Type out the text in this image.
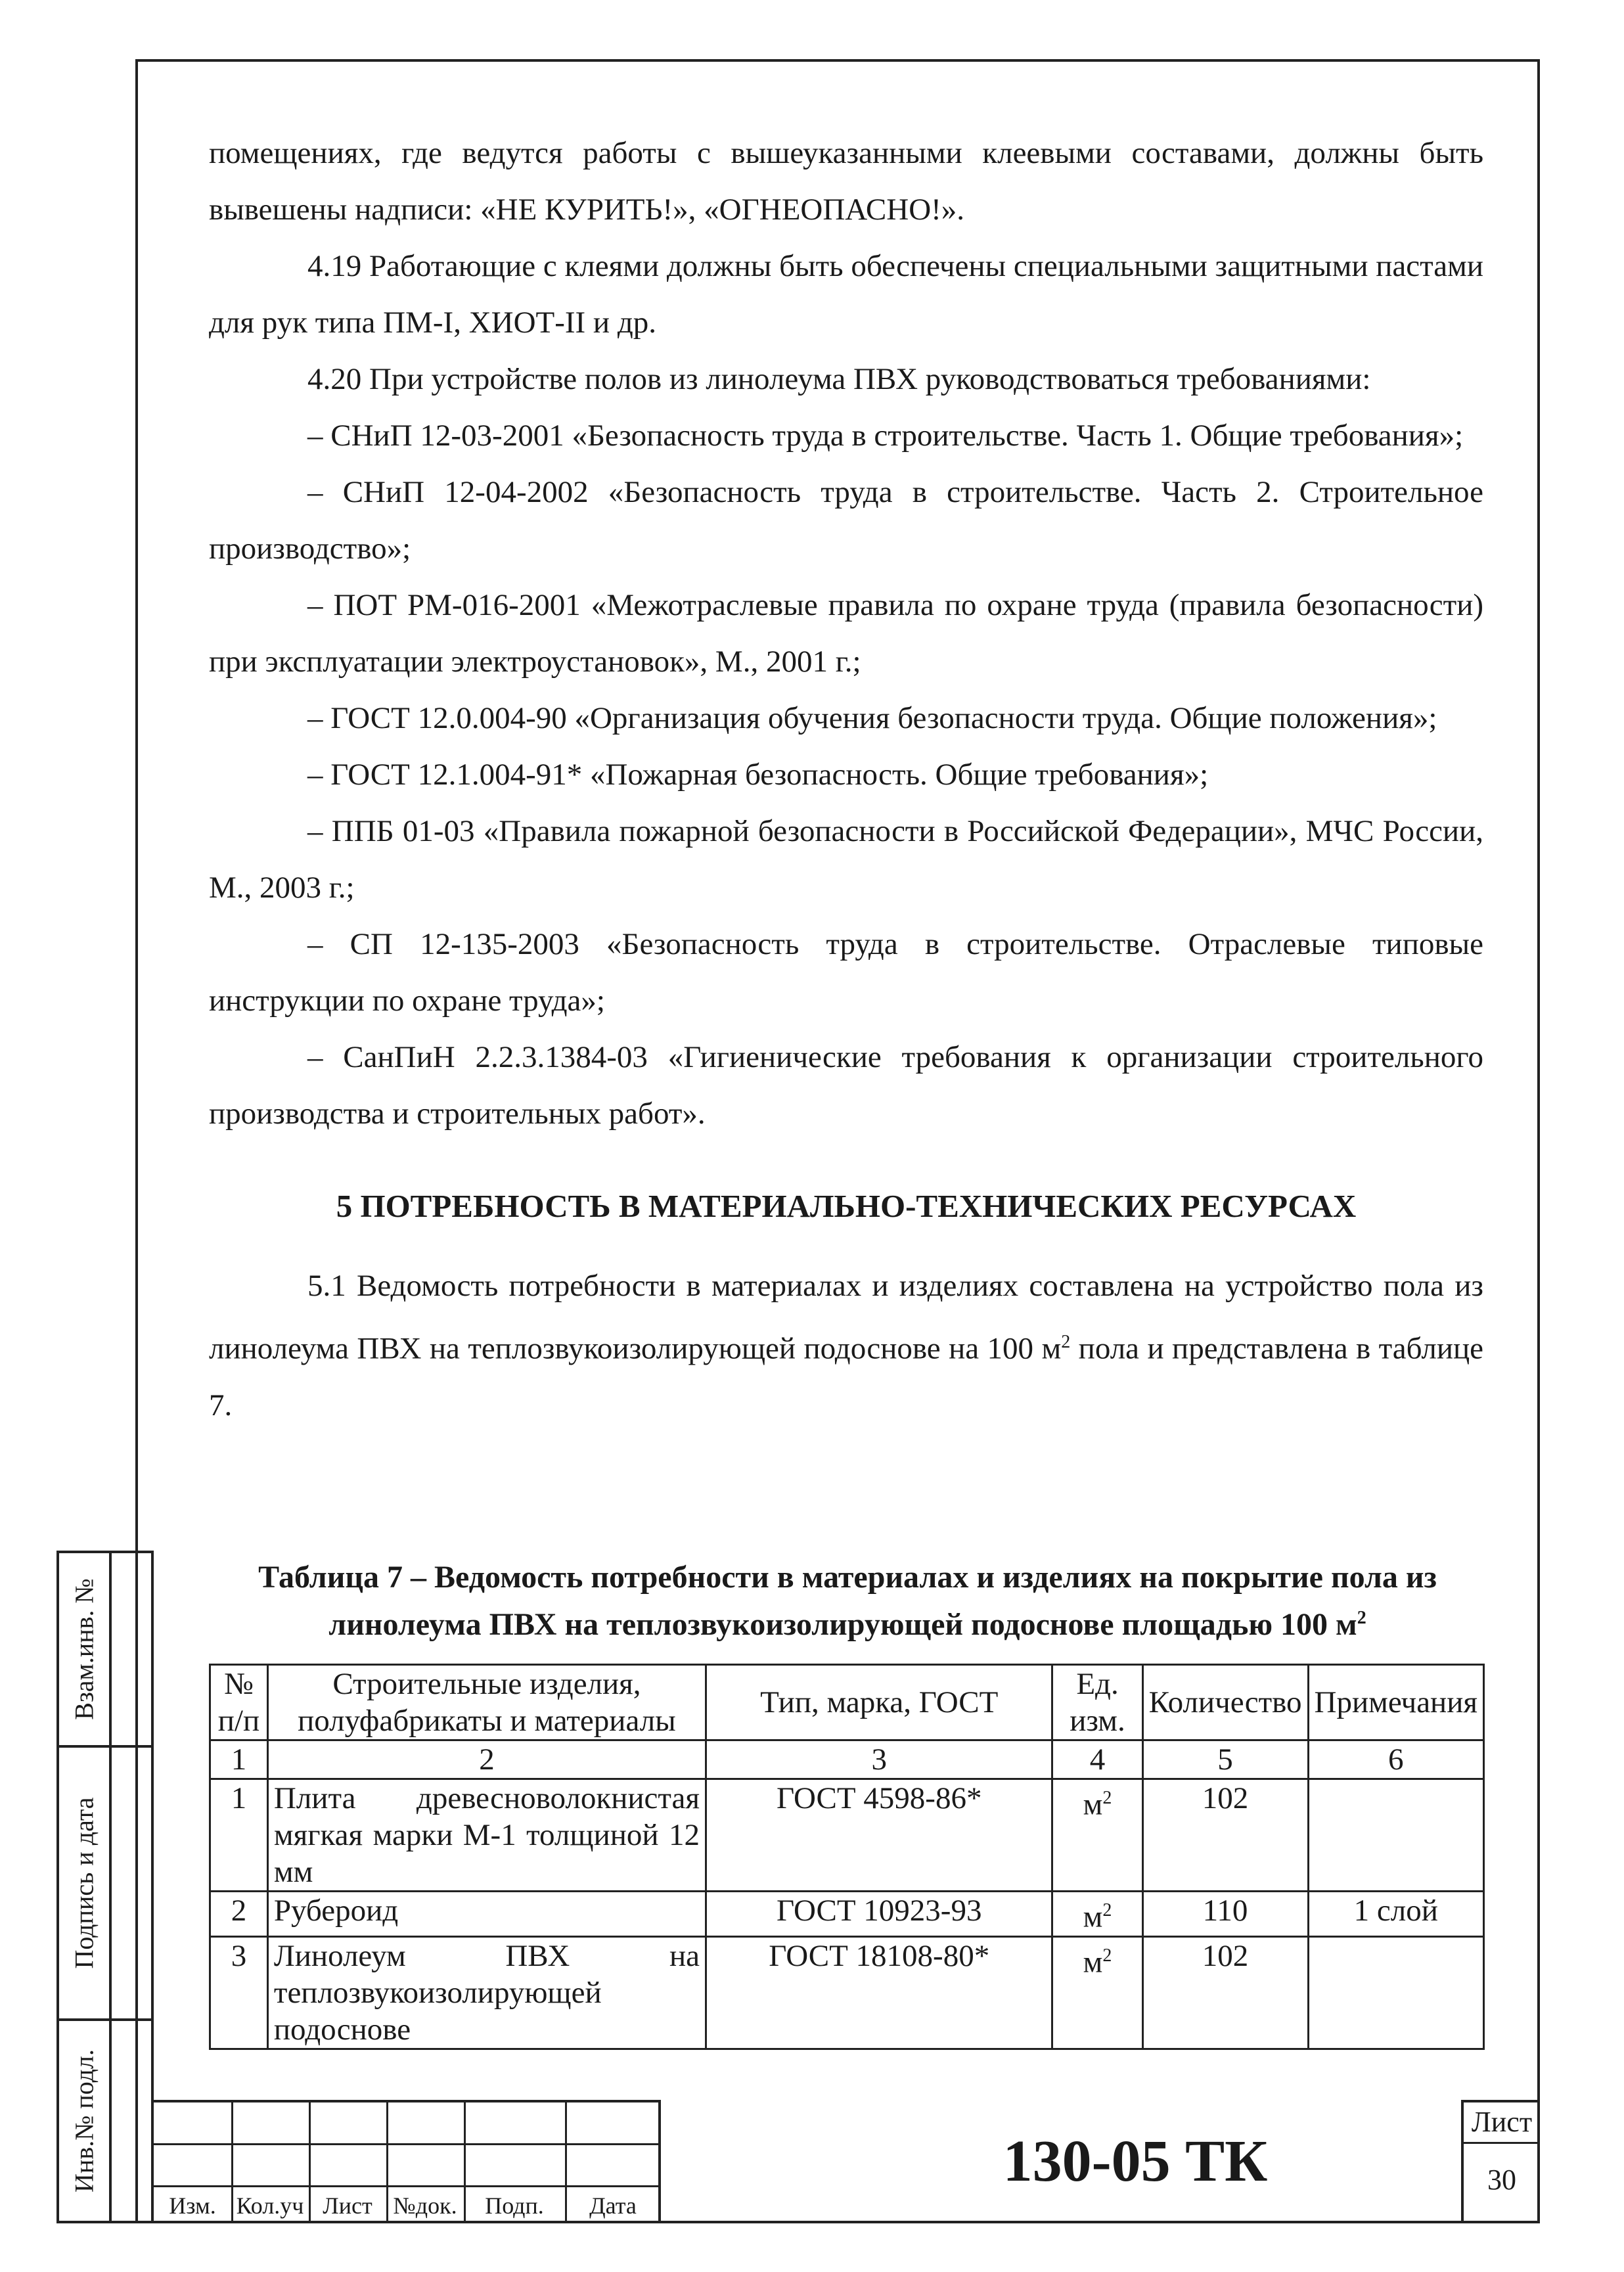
помещениях, где ведутся работы с вышеуказанными клеевыми составами, должны быть вывешены надписи: «НЕ КУРИТЬ!», «ОГНЕОПАСНО!».

4.19 Работающие с клеями должны быть обеспечены специальными защитными пастами для рук типа ПМ-I, ХИОТ-II и др.

4.20 При устройстве полов из линолеума ПВХ руководствоваться требованиями:

– СНиП 12-03-2001 «Безопасность труда в строительстве. Часть 1. Общие требования»;

– СНиП 12-04-2002 «Безопасность труда в строительстве. Часть 2. Строительное производство»;

– ПОТ РМ-016-2001 «Межотраслевые правила по охране труда (правила безопасности) при эксплуатации электроустановок», М., 2001 г.;

– ГОСТ 12.0.004-90 «Организация обучения безопасности труда. Общие положения»;

– ГОСТ 12.1.004-91* «Пожарная безопасность. Общие требования»;

– ППБ 01-03 «Правила пожарной безопасности в Российской Федерации», МЧС России, М., 2003 г.;

– СП 12-135-2003 «Безопасность труда в строительстве. Отраслевые типовые инструкции по охране труда»;

– СанПиН 2.2.3.1384-03 «Гигиенические требования к организации строительного производства и строительных работ».

5 ПОТРЕБНОСТЬ В МАТЕРИАЛЬНО-ТЕХНИЧЕСКИХ РЕСУРСАХ

5.1 Ведомость потребности в материалах и изделиях составлена на устройство пола из линолеума ПВХ на теплозвукоизолирующей подоснове на 100 $м^2$ пола и представлена в таблице 7.

Таблица 7 – Ведомость потребности в материалах и изделиях на покрытие пола из линолеума ПВХ на теплозвукоизолирующей подоснове площадью 100 $м^2$
№ п/п	Строительные изделия, полуфабрикаты и материалы	Тип, марка, ГОСТ	Ед. изм.	Количество	Примечания
1	2	3	4	5	6
1	Плита древесноволокнистая мягкая марки М-1 толщиной 12 мм	ГОСТ 4598-86*	$м^2$	102	
2	Рубероид	ГОСТ 10923-93	$м^2$	110	1 слой
3	Линолеум ПВХ на теплозвукоизолирующей подоснове	ГОСТ 18108-80*	$м^2$	102	
Взам.инв. №
Подпись и дата
Инв.№ подл.
Изм. Кол.уч Лист №док.	Подп.	Дата
130-05 ТК
Лист
30
